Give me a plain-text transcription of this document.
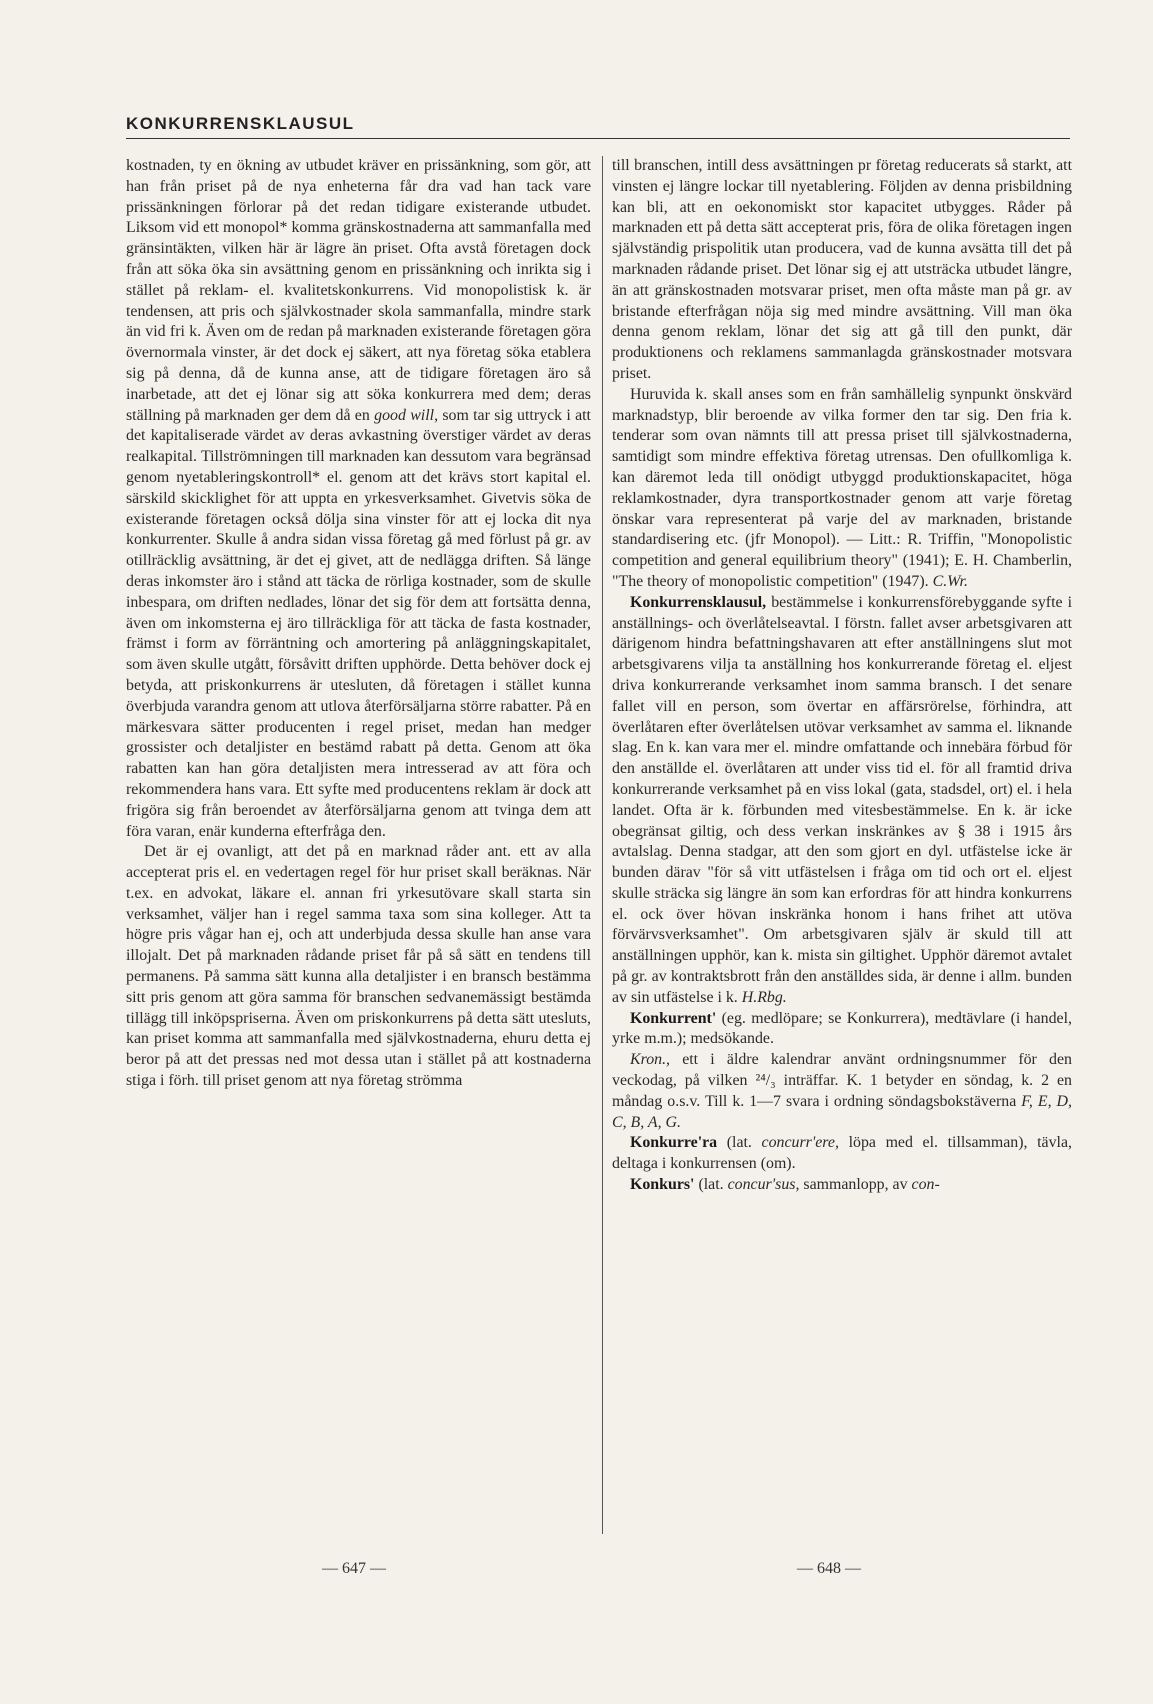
KONKURRENSKLAUSUL

kostnaden, ty en ökning av utbudet kräver en prissänkning, som gör, att han från priset på de nya enheterna får dra vad han tack vare prissänkningen förlorar på det redan tidigare existerande utbudet. Liksom vid ett monopol* komma gränskostnaderna att sammanfalla med gränsintäkten, vilken här är lägre än priset. Ofta avstå företagen dock från att söka öka sin avsättning genom en prissänkning och inrikta sig i stället på reklam- el. kvalitetskonkurrens. Vid monopolistisk k. är tendensen, att pris och självkostnader skola sammanfalla, mindre stark än vid fri k. Även om de redan på marknaden existerande företagen göra övernormala vinster, är det dock ej säkert, att nya företag söka etablera sig på denna, då de kunna anse, att de tidigare företagen äro så inarbetade, att det ej lönar sig att söka konkurrera med dem; deras ställning på marknaden ger dem då en good will, som tar sig uttryck i att det kapitaliserade värdet av deras avkastning överstiger värdet av deras realkapital. Tillströmningen till marknaden kan dessutom vara begränsad genom nyetableringskontroll* el. genom att det krävs stort kapital el. särskild skicklighet för att uppta en yrkesverksamhet. Givetvis söka de existerande företagen också dölja sina vinster för att ej locka dit nya konkurrenter. Skulle å andra sidan vissa företag gå med förlust på gr. av otillräcklig avsättning, är det ej givet, att de nedlägga driften. Så länge deras inkomster äro i stånd att täcka de rörliga kostnader, som de skulle inbespara, om driften nedlades, lönar det sig för dem att fortsätta denna, även om inkomsterna ej äro tillräckliga för att täcka de fasta kostnader, främst i form av förräntning och amortering på anläggningskapitalet, som även skulle utgått, försåvitt driften upphörde. Detta behöver dock ej betyda, att priskonkurrens är utesluten, då företagen i stället kunna överbjuda varandra genom att utlova återförsäljarna större rabatter. På en märkesvara sätter producenten i regel priset, medan han medger grossister och detaljister en bestämd rabatt på detta. Genom att öka rabatten kan han göra detaljisten mera intresserad av att föra och rekommendera hans vara. Ett syfte med producentens reklam är dock att frigöra sig från beroendet av återförsäljarna genom att tvinga dem att föra varan, enär kunderna efterfråga den.

Det är ej ovanligt, att det på en marknad råder ant. ett av alla accepterat pris el. en vedertagen regel för hur priset skall beräknas. När t.ex. en advokat, läkare el. annan fri yrkesutövare skall starta sin verksamhet, väljer han i regel samma taxa som sina kolleger. Att ta högre pris vågar han ej, och att underbjuda dessa skulle han anse vara illojalt. Det på marknaden rådande priset får på så sätt en tendens till permanens. På samma sätt kunna alla detaljister i en bransch bestämma sitt pris genom att göra samma för branschen sedvanemässigt bestämda tillägg till inköpspriserna. Även om priskonkurrens på detta sätt utesluts, kan priset komma att sammanfalla med självkostnaderna, ehuru detta ej beror på att det pressas ned mot dessa utan i stället på att kostnaderna stiga i förh. till priset genom att nya företag strömma

till branschen, intill dess avsättningen pr företag reducerats så starkt, att vinsten ej längre lockar till nyetablering. Följden av denna prisbildning kan bli, att en oekonomiskt stor kapacitet utbygges. Råder på marknaden ett på detta sätt accepterat pris, föra de olika företagen ingen självständig prispolitik utan producera, vad de kunna avsätta till det på marknaden rådande priset. Det lönar sig ej att utsträcka utbudet längre, än att gränskostnaden motsvarar priset, men ofta måste man på gr. av bristande efterfrågan nöja sig med mindre avsättning. Vill man öka denna genom reklam, lönar det sig att gå till den punkt, där produktionens och reklamens sammanlagda gränskostnader motsvara priset.

Huruvida k. skall anses som en från samhällelig synpunkt önskvärd marknadstyp, blir beroende av vilka former den tar sig. Den fria k. tenderar som ovan nämnts till att pressa priset till självkostnaderna, samtidigt som mindre effektiva företag utrensas. Den ofullkomliga k. kan däremot leda till onödigt utbyggd produktionskapacitet, höga reklamkostnader, dyra transportkostnader genom att varje företag önskar vara representerat på varje del av marknaden, bristande standardisering etc. (jfr Monopol). — Litt.: R. Triffin, "Monopolistic competition and general equilibrium theory" (1941); E. H. Chamberlin, "The theory of monopolistic competition" (1947). C.Wr.

Konkurrensklausul, bestämmelse i konkurrensförebyggande syfte i anställnings- och överlåtelseavtal. I förstn. fallet avser arbetsgivaren att därigenom hindra befattningshavaren att efter anställningens slut mot arbetsgivarens vilja ta anställning hos konkurrerande företag el. eljest driva konkurrerande verksamhet inom samma bransch. I det senare fallet vill en person, som övertar en affärsrörelse, förhindra, att överlåtaren efter överlåtelsen utövar verksamhet av samma el. liknande slag. En k. kan vara mer el. mindre omfattande och innebära förbud för den anställde el. överlåtaren att under viss tid el. för all framtid driva konkurrerande verksamhet på en viss lokal (gata, stadsdel, ort) el. i hela landet. Ofta är k. förbunden med vitesbestämmelse. En k. är icke obegränsat giltig, och dess verkan inskränkes av § 38 i 1915 års avtalslag. Denna stadgar, att den som gjort en dyl. utfästelse icke är bunden därav "för så vitt utfästelsen i fråga om tid och ort el. eljest skulle sträcka sig längre än som kan erfordras för att hindra konkurrens el. ock över hövan inskränka honom i hans frihet att utöva förvärvsverksamhet". Om arbetsgivaren själv är skuld till att anställningen upphör, kan k. mista sin giltighet. Upphör däremot avtalet på gr. av kontraktsbrott från den anställdes sida, är denne i allm. bunden av sin utfästelse i k. H.Rbg.

Konkurrent' (eg. medlöpare; se Konkurrera), medtävlare (i handel, yrke m.m.); medsökande.

Kron., ett i äldre kalendrar använt ordningsnummer för den veckodag, på vilken ²⁴/₃ inträffar. K. 1 betyder en söndag, k. 2 en måndag o.s.v. Till k. 1—7 svara i ordning söndagsbokstäverna F, E, D, C, B, A, G.

Konkurre'ra (lat. concurr'ere, löpa med el. tillsamman), tävla, deltaga i konkurrensen (om).

Konkurs' (lat. concur'sus, sammanlopp, av con-

— 647 —	— 648 —
